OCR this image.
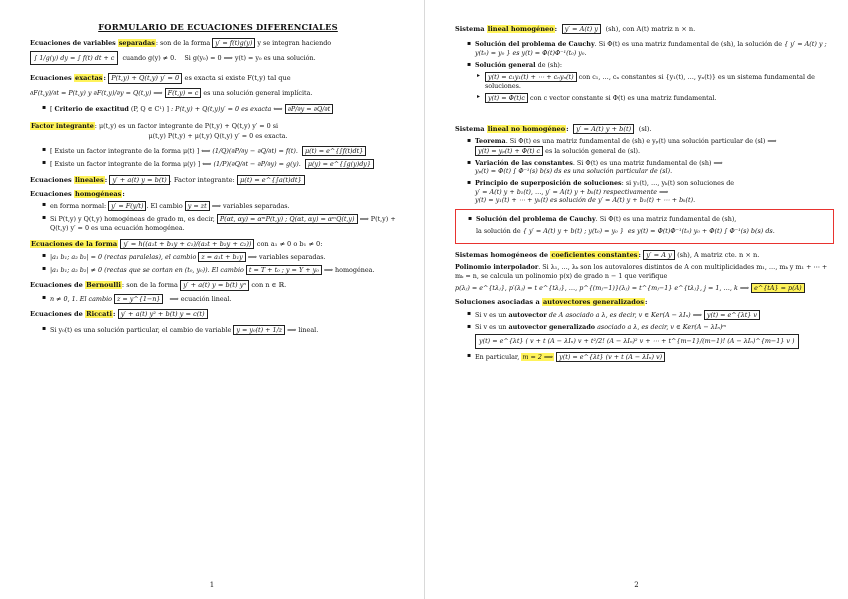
FORMULARIO DE ECUACIONES DIFERENCIALES
Ecuaciones de variables separadas: son de la forma y′ = f(t)g(y) y se integran haciendo
∫ 1/g(y) dy = ∫ f(t) dt + c cuando g(y) ≠ 0. Si g(y₀) = 0 ⟹ y(t) = y₀ es una solución.
Ecuaciones exactas: P(t,y) + Q(t,y) y′ = 0 es exacta si existe F(t,y) tal que
∂F(t,y)/∂t = P(t,y) y ∂F(t,y)/∂y = Q(t,y) ⟹ F(t,y) = c es una solución general implícita.
▪ [ Criterio de exactitud (P, Q ∈ C¹) ] : P(t,y) + Q(t,y)y′ = 0 es exacta ⟺ ∂P/∂y = ∂Q/∂t
Factor integrante: μ(t,y) es un factor integrante de P(t,y) + Q(t,y) y′ = 0 si
μ(t,y) P(t,y) + μ(t,y) Q(t,y) y′ = 0 es exacta.
▪ [ Existe un factor integrante de la forma μ(t) ] ⟺ (1/Q)(∂P/∂y − ∂Q/∂t) = f(t). μ(t) = e^{∫f(t)dt}
▪ [ Existe un factor integrante de la forma μ(y) ] ⟺ (1/P)(∂Q/∂t − ∂P/∂y) = g(y). μ(y) = e^{∫g(y)dy}
Ecuaciones lineales: y′ + a(t) y = b(t) . Factor integrante: μ(t) = e^{∫a(t)dt}
Ecuaciones homogéneas:
▪ en forma normal: y′ = F(y/t) . El cambio y = zt ⟹ variables separadas.
▪ Si P(t,y) y Q(t,y) homogéneas de grado m, es decir, P(αt, αy) = αᵐP(t,y) ; Q(αt, αy) = αᵐQ(t,y) ⟹ P(t,y) + Q(t,y) y′ = 0 es una ecuación homogénea.
Ecuaciones de la forma y′ = h((a₁t + b₁y + c₁)/(a₂t + b₂y + c₂)) con a₁ ≠ 0 o b₁ ≠ 0:
▪ |a₁ b₁; a₂ b₂| = 0 (rectas paralelas), el cambio z = a₁t + b₁y ⟹ variables separadas.
▪ |a₁ b₁; a₂ b₂| ≠ 0 (rectas que se cortan en (t₀, y₀)). El cambio t = T + t₀ ; y = Y + y₀ ⟹ homogénea.
Ecuaciones de Bernoulli: son de la forma y′ + a(t) y = b(t) yⁿ con n ∈ ℝ.
▪ n ≠ 0, 1. El cambio z = y^{1−n} ⟹ ecuación lineal.
Ecuaciones de Riccati: y′ + a(t) y² + b(t) y = c(t)
▪ Si y₀(t) es una solución particular, el cambio de variable y = y₀(t) + 1/z ⟹ lineal.
1
Sistema lineal homogéneo:  y′ = A(t) y (sh), con A(t) matriz n × n.
▪ Solución del problema de Cauchy. Si Φ(t) es una matriz fundamental de (sh), la solución de { y′ = A(t) y ; y(t₀) = y₀ } es y(t) = Φ(t)Φ⁻¹(t₀) y₀.
▪ Solución general de (sh):
▸ y(t) = c₁y₁(t) + ⋯ + cₙyₙ(t) con c₁, …, cₙ constantes si {y₁(t), …, yₙ(t)} es un sistema fundamental de soluciones.
▸ y(t) = Φ(t)c con c vector constante si Φ(t) es una matriz fundamental.
Sistema lineal no homogéneo:  y′ = A(t) y + b(t) (sl).
▪ Teorema. Si Φ(t) es una matriz fundamental de (sh) e yₚ(t) una solución particular de (sl) ⟹ y(t) = yₚ(t) + Φ(t) c es la solución general de (sl).
▪ Variación de las constantes. Si Φ(t) es una matriz fundamental de (sh) ⟹
yₚ(t) = Φ(t) ∫ Φ⁻¹(s) b(s) ds es una solución particular de (sl).
▪ Principio de superposición de soluciones: si y₁(t), …, yₖ(t) son soluciones de
y′ = A(t) y + b₁(t), …, y′ = A(t) y + bₖ(t) respectivamente ⟹
y(t) = y₁(t) + ⋯ + yₖ(t) es solución de y′ = A(t) y + b₁(t) + ⋯ + bₖ(t).
▪ Solución del problema de Cauchy. Si Φ(t) es una matriz fundamental de (sh),
la solución de { y′ = A(t) y + b(t) ; y(t₀) = y₀ } es y(t) = Φ(t)Φ⁻¹(t₀) y₀ + Φ(t) ∫ Φ⁻¹(s) b(s) ds.
Sistemas homogéneos de coeficientes constantes: y′ = A y (sh), A matriz cte. n × n.
Polinomio interpolador. Si λ₁, …, λₖ son los autovalores distintos de A con multiplicidades m₁, …, mₖ y m₁ + ⋯ + mₖ = n, se calcula un polinomio p(x) de grado n − 1 que verifique
p(λⱼ) = e^{tλⱼ}, p′(λⱼ) = t e^{tλⱼ}, …, p^{(mⱼ−1)}(λⱼ) = t^{mⱼ−1} e^{tλⱼ}, j = 1, …, k ⟹ e^{tA} = p(A)
Soluciones asociadas a autovectores generalizados:
▪ Si v es un autovector de A asociado a λ, es decir, v ∈ Ker(A − λIₙ) ⟹ y(t) = e^{λt} v
▪ Si v es un autovector generalizado asociado a λ, es decir, v ∈ Ker(A − λIₙ)ᵐ
y(t) = e^{λt} ( v + t (A − λIₙ) v + t²/2! (A − λIₙ)² v + ⋯ + t^{m−1}/(m−1)! (A − λIₙ)^{m−1} v )
▪ En particular, m = 2 ⟹ y(t) = e^{λt} (v + t (A − λIₙ) v)
2
